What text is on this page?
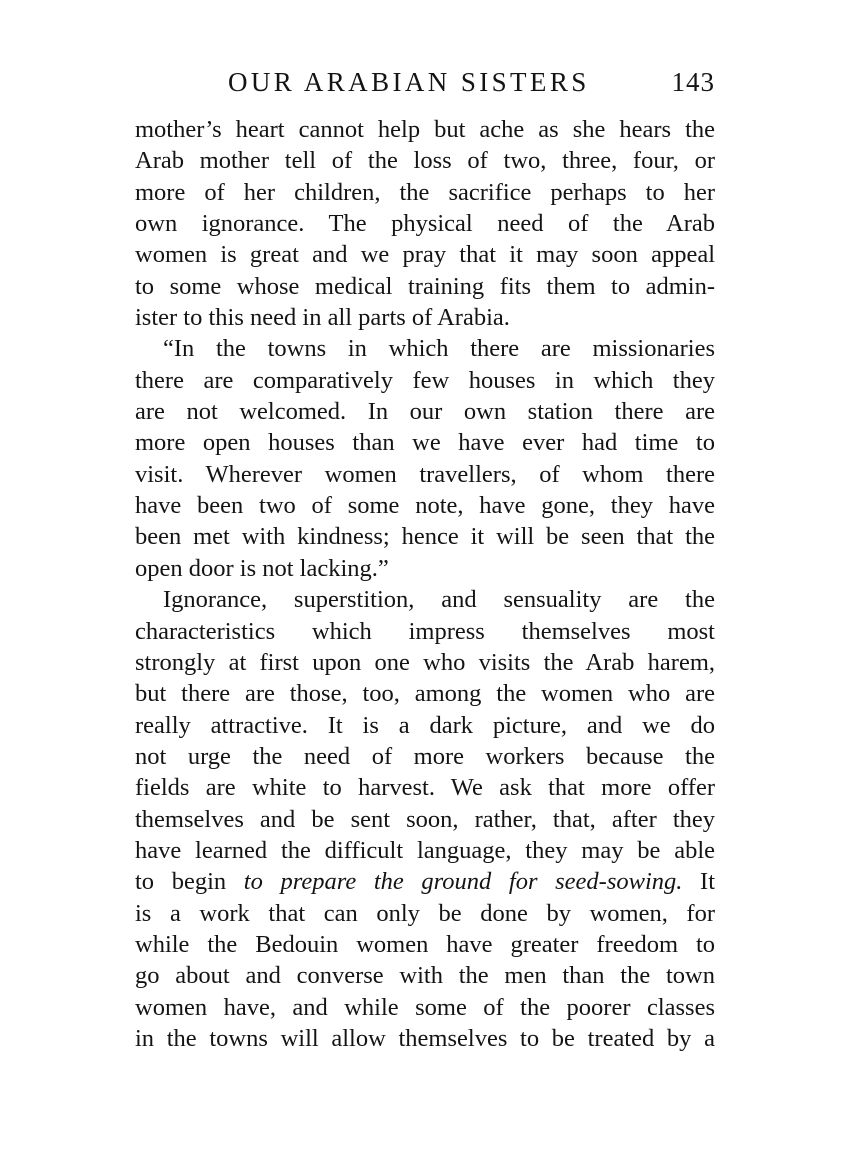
OUR ARABIAN SISTERS	143
mother’s heart cannot help but ache as she hears the
Arab mother tell of the loss of two, three, four, or
more of her children, the sacrifice perhaps to her
own ignorance. The physical need of the Arab
women is great and we pray that it may soon appeal
to some whose medical training fits them to admin-
ister to this need in all parts of Arabia.
“In the towns in which there are missionaries
there are comparatively few houses in which they
are not welcomed. In our own station there are
more open houses than we have ever had time to
visit. Wherever women travellers, of whom there
have been two of some note, have gone, they have
been met with kindness; hence it will be seen that the
open door is not lacking.”
Ignorance, superstition, and sensuality are the
characteristics which impress themselves most
strongly at first upon one who visits the Arab harem,
but there are those, too, among the women who are
really attractive. It is a dark picture, and we do
not urge the need of more workers because the
fields are white to harvest. We ask that more offer
themselves and be sent soon, rather, that, after they
have learned the difficult language, they may be able
to begin to prepare the ground for seed-sowing. It
is a work that can only be done by women, for
while the Bedouin women have greater freedom to
go about and converse with the men than the town
women have, and while some of the poorer classes
in the towns will allow themselves to be treated by a
